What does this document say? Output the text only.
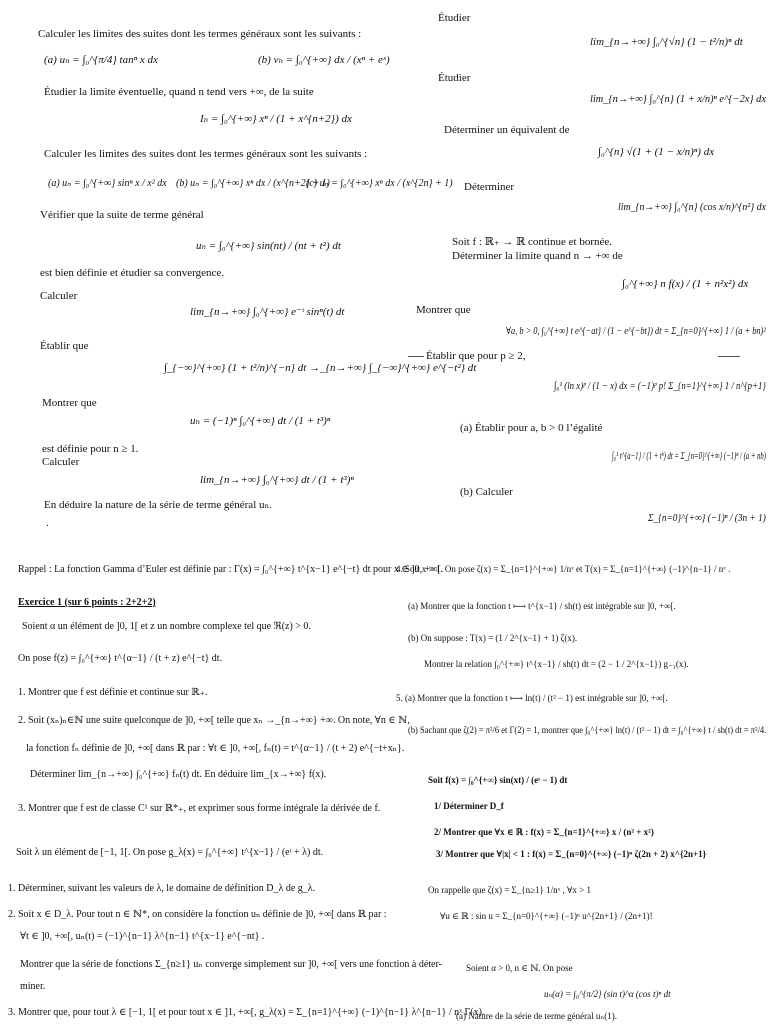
Calculer les limites des suites dont les termes généraux sont les suivants :
(a) uₙ = ∫₀^{π/4} tanⁿ x dx	(b) vₙ = ∫₀^{+∞} dx / (xⁿ + eˣ)
Étudier la limite éventuelle, quand n tend vers +∞, de la suite
Iₙ = ∫₀^{+∞} xⁿ / (1 + x^{n+2}) dx
Calculer les limites des suites dont les termes généraux sont les suivants :
(a) uₙ = ∫₀^{+∞} sinⁿ x / x² dx (b) uₙ = ∫₀^{+∞} xⁿ dx / (x^{n+2} + 1)
(c) uₙ = ∫₀^{+∞} xⁿ dx / (x^{2n} + 1)
Vérifier que la suite de terme général
uₙ = ∫₀^{+∞} sin(nt) / (nt + t²) dt
est bien définie et étudier sa convergence.
Calculer
lim_{n→+∞} ∫₀^{+∞} e⁻ᵗ sinⁿ(t) dt
Établir que
∫_{−∞}^{+∞} (1 + t²/n)^{−n} dt →_{n→+∞} ∫_{−∞}^{+∞} e^{−t²} dt
Montrer que
uₙ = (−1)ⁿ ∫₀^{+∞} dt / (1 + t³)ⁿ
est définie pour n ≥ 1.
Calculer
lim_{n→+∞} ∫₀^{+∞} dt / (1 + t³)ⁿ
En déduire la nature de la série de terme général uₙ.
.
Étudier
lim_{n→+∞} ∫₀^{√n} (1 − t²/n)ⁿ dt
Étudier
lim_{n→+∞} ∫₀^{n} (1 + x/n)ⁿ e^{−2x} dx
Déterminer un équivalent de
∫₀^{n} √(1 + (1 − x/n)ⁿ) dx
Déterminer
lim_{n→+∞} ∫₀^{n} (cos x/n)^{n²} dx
Soit f : ℝ₊ → ℝ continue et bornée.
Déterminer la limite quand n → +∞ de
∫₀^{+∞} n f(x) / (1 + n²x²) dx
Montrer que
∀a, b > 0, ∫₀^{+∞} t e^{−at} / (1 − e^{−bt}) dt = Σ_{n=0}^{+∞} 1 / (a + bn)²
Établir que pour p ≥ 2,
∫₀¹ (ln x)ᵖ / (1 − x) dx = (−1)ᵖ p! Σ_{n=1}^{+∞} 1 / n^{p+1}
(a) Établir pour a, b > 0 l’égalité
∫₀¹ t^{a−1} / (1 + tᵇ) dt = Σ_{n=0}^{+∞} (−1)ⁿ / (a + nb)
(b) Calculer
Σ_{n=0}^{+∞} (−1)ⁿ / (3n + 1)
Rappel : La fonction Gamma d’Euler est définie par : Γ(x) = ∫₀^{+∞} t^{x−1} e^{−t} dt pour x ∈ ]0, +∞[.
Exercice 1 (sur 6 points : 2+2+2)
Soient α un élément de ]0, 1[ et z un nombre complexe tel que ℜ(z) > 0.
On pose f(z) = ∫₀^{+∞} t^{α−1} / (t + z) e^{−t} dt.
1. Montrer que f est définie et continue sur ℝ₊.
2. Soit (xₙ)ₙ∈ℕ une suite quelconque de ]0, +∞[ telle que xₙ →_{n→+∞} +∞. On note, ∀n ∈ ℕ,
la fonction fₙ définie de ]0, +∞[ dans ℝ par : ∀t ∈ ]0, +∞[, fₙ(t) = t^{α−1} / (t + 2) e^{−t+xₙ}.
Déterminer lim_{n→+∞} ∫₀^{+∞} fₙ(t) dt. En déduire lim_{x→+∞} f(x).
3. Montrer que f est de classe C¹ sur ℝ*₊, et exprimer sous forme intégrale la dérivée de f.
Soit λ un élément de [−1, 1[. On pose g_λ(x) = ∫₀^{+∞} t^{x−1} / (eᵗ + λ) dt.
1. Déterminer, suivant les valeurs de λ, le domaine de définition D_λ de g_λ.
2. Soit x ∈ D_λ. Pour tout n ∈ ℕ*, on considère la fonction uₙ définie de ]0, +∞[ dans ℝ par :
∀t ∈ ]0, +∞[, uₙ(t) = (−1)^{n−1} λ^{n−1} t^{x−1} e^{−nt} .
Montrer que la série de fonctions Σ_{n≥1} uₙ converge simplement sur ]0, +∞[ vers une fonction à déter-
miner.
3. Montrer que, pour tout λ ∈ [−1, 1[ et pour tout x ∈ ]1, +∞[, g_λ(x) = Σ_{n=1}^{+∞} (−1)^{n−1} λ^{n−1} / nˣ Γ(x).
4. Soit x > 1. On pose ζ(x) = Σ_{n=1}^{+∞} 1/nˣ et T(x) = Σ_{n=1}^{+∞} (−1)^{n−1} / nˣ .
(a) Montrer que la fonction t ⟼ t^{x−1} / sh(t) est intégrable sur ]0, +∞[.
(b) On suppose : T(x) = (1 / 2^{x−1} + 1) ζ(x).
Montrer la relation ∫₀^{+∞} t^{x−1} / sh(t) dt = (2 − 1 / 2^{x−1}) g₋₁(x).
5. (a) Montrer que la fonction t ⟼ ln(t) / (t² − 1) est intégrable sur ]0, +∞[.
(b) Sachant que ζ(2) = π²/6 et Γ(2) = 1, montrer que ∫₀^{+∞} ln(t) / (t² − 1) dt = ∫₀^{+∞} t / sh(t) dt = π²/4.
Soit f(x) = ∫₀^{+∞} sin(xt) / (eᵗ − 1) dt
1/ Déterminer D_f
2/ Montrer que ∀x ∈ ℝ : f(x) = Σ_{n=1}^{+∞} x / (n² + x²)
3/ Montrer que ∀|x| < 1 : f(x) = Σ_{n=0}^{+∞} (−1)ⁿ ζ(2n + 2) x^{2n+1}
On rappelle que ζ(x) = Σ_{n≥1} 1/nˣ , ∀x > 1
∀u ∈ ℝ : sin u = Σ_{n=0}^{+∞} (−1)ⁿ u^{2n+1} / (2n+1)!
Soient α > 0, n ∈ ℕ. On pose
uₙ(α) = ∫₀^{π/2} (sin t)^α (cos t)ⁿ dt
(a) Nature de la série de terme général uₙ(1).
